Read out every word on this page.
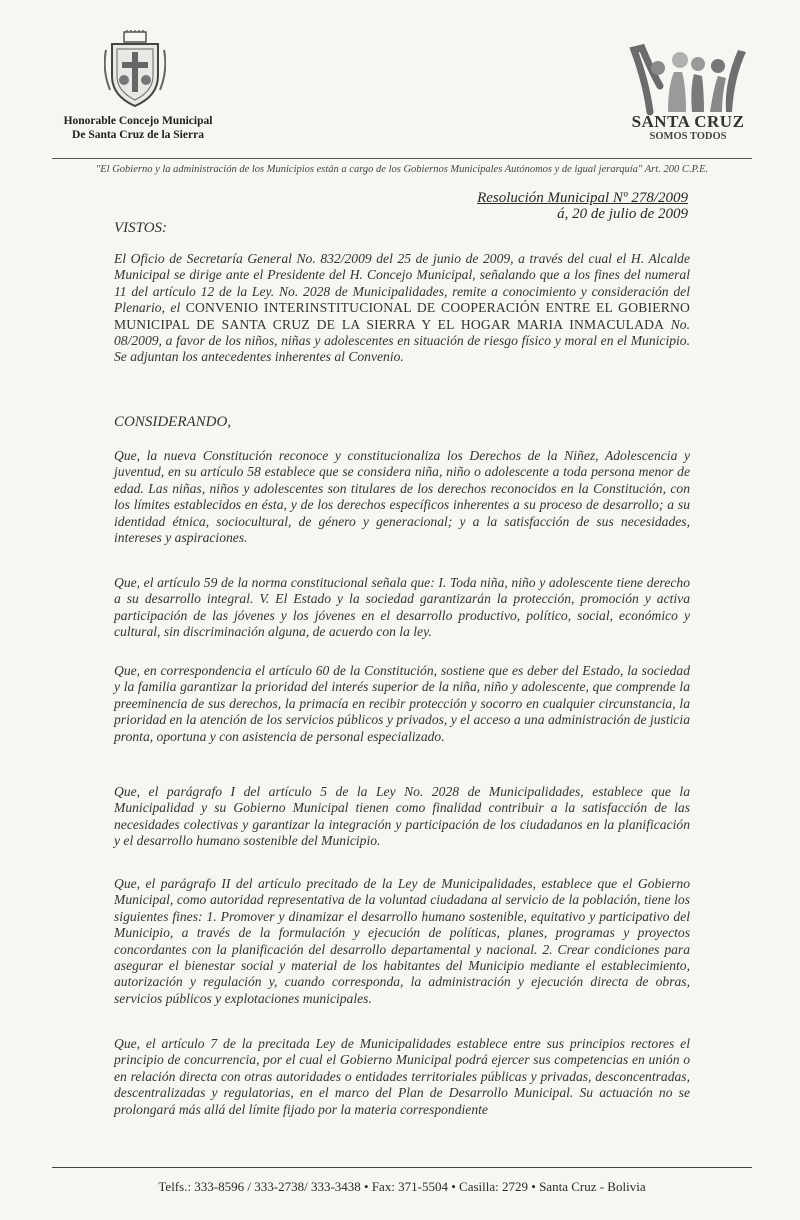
Honorable Concejo Municipal
De Santa Cruz de la Sierra
SANTA CRUZ
SOMOS TODOS
"El Gobierno y la administración de los Municipios están a cargo de los Gobiernos Municipales Autónomos y de igual jerarquía" Art. 200 C.P.E.
Resolución Municipal Nº 278/2009
á, 20 de julio de 2009

VISTOS:

El Oficio de Secretaría General No. 832/2009 del 25 de junio de 2009, a través del cual el H. Alcalde Municipal se dirige ante el Presidente del H. Concejo Municipal, señalando que a los fines del numeral 11 del artículo 12 de la Ley. No. 2028 de Municipalidades, remite a conocimiento y consideración del Plenario, el CONVENIO INTERINSTITUCIONAL DE COOPERACIÓN ENTRE EL GOBIERNO MUNICIPAL DE SANTA CRUZ DE LA SIERRA Y EL HOGAR MARIA INMACULADA No. 08/2009, a favor de los niños, niñas y adolescentes en situación de riesgo físico y moral en el Municipio. Se adjuntan los antecedentes inherentes al Convenio.

CONSIDERANDO,

Que, la nueva Constitución reconoce y constitucionaliza los Derechos de la Niñez, Adolescencia y juventud, en su artículo 58 establece que se considera niña, niño o adolescente a toda persona menor de edad. Las niñas, niños y adolescentes son titulares de los derechos reconocidos en la Constitución, con los límites establecidos en ésta, y de los derechos específicos inherentes a su proceso de desarrollo; a su identidad étnica, sociocultural, de género y generacional; y a la satisfacción de sus necesidades, intereses y aspiraciones.

Que, el artículo 59 de la norma constitucional señala que: I. Toda niña, niño y adolescente tiene derecho a su desarrollo integral. V. El Estado y la sociedad garantizarán la protección, promoción y activa participación de las jóvenes y los jóvenes en el desarrollo productivo, político, social, económico y cultural, sin discriminación alguna, de acuerdo con la ley.

Que, en correspondencia el artículo 60 de la Constitución, sostiene que es deber del Estado, la sociedad y la familia garantizar la prioridad del interés superior de la niña, niño y adolescente, que comprende la preeminencia de sus derechos, la primacía en recibir protección y socorro en cualquier circunstancia, la prioridad en la atención de los servicios públicos y privados, y el acceso a una administración de justicia pronta, oportuna y con asistencia de personal especializado.

Que, el parágrafo I del artículo 5 de la Ley No. 2028 de Municipalidades, establece que la Municipalidad y su Gobierno Municipal tienen como finalidad contribuir a la satisfacción de las necesidades colectivas y garantizar la integración y participación de los ciudadanos en la planificación y el desarrollo humano sostenible del Municipio.

Que, el parágrafo II del artículo precitado de la Ley de Municipalidades, establece que el Gobierno Municipal, como autoridad representativa de la voluntad ciudadana al servicio de la población, tiene los siguientes fines: 1. Promover y dinamizar el desarrollo humano sostenible, equitativo y participativo del Municipio, a través de la formulación y ejecución de políticas, planes, programas y proyectos concordantes con la planificación del desarrollo departamental y nacional. 2. Crear condiciones para asegurar el bienestar social y material de los habitantes del Municipio mediante el establecimiento, autorización y regulación y, cuando corresponda, la administración y ejecución directa de obras, servicios públicos y explotaciones municipales.

Que, el artículo 7 de la precitada Ley de Municipalidades establece entre sus principios rectores el principio de concurrencia, por el cual el Gobierno Municipal podrá ejercer sus competencias en unión o en relación directa con otras autoridades o entidades territoriales públicas y privadas, desconcentradas, descentralizadas y regulatorias, en el marco del Plan de Desarrollo Municipal. Su actuación no se prolongará más allá del límite fijado por la materia correspondiente

Telfs.: 333-8596 / 333-2738/ 333-3438 • Fax: 371-5504 • Casilla: 2729 • Santa Cruz - Bolivia
